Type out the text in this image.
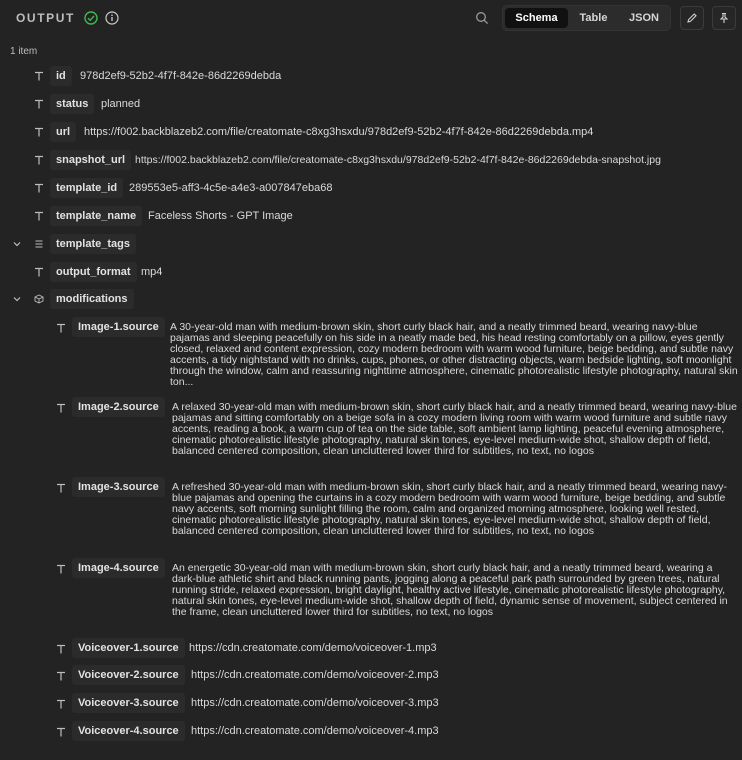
OUTPUT	Schema	Table	JSON
1 item
id	978d2ef9-52b2-4f7f-842e-86d2269debda
status	planned
url	https://f002.backblazeb2.com/file/creatomate-c8xg3hsxdu/978d2ef9-52b2-4f7f-842e-86d2269debda.mp4
snapshot_url https://f002.backblazeb2.com/file/creatomate-c8xg3hsxdu/978d2ef9-52b2-4f7f-842e-86d2269debda-snapshot.jpg
template_id	289553e5-aff3-4c5e-a4e3-a007847eba68
template_name	Faceless Shorts - GPT Image
template_tags
output_format mp4
modifications
Image-1.source	A 30-year-old man with medium-brown skin, short curly black hair, and a neatly trimmed beard, wearing navy-blue pajamas and sleeping peacefully on his side in a neatly made bed, his head resting comfortably on a pillow, eyes gently closed, relaxed and content expression, cozy modern bedroom with warm wood furniture, beige bedding, and subtle navy accents, a tidy nightstand with no drinks, cups, phones, or other distracting objects, warm bedside lighting, soft moonlight through the window, calm and reassuring nighttime atmosphere, cinematic photorealistic lifestyle photography, natural skin ton...
Image-2.source	A relaxed 30-year-old man with medium-brown skin, short curly black hair, and a neatly trimmed beard, wearing navy-blue pajamas and sitting comfortably on a beige sofa in a cozy modern living room with warm wood furniture and subtle navy accents, reading a book, a warm cup of tea on the side table, soft ambient lamp lighting, peaceful evening atmosphere, cinematic photorealistic lifestyle photography, natural skin tones, eye-level medium-wide shot, shallow depth of field, balanced centered composition, clean uncluttered lower third for subtitles, no text, no logos
Image-3.source	A refreshed 30-year-old man with medium-brown skin, short curly black hair, and a neatly trimmed beard, wearing navy-blue pajamas and opening the curtains in a cozy modern bedroom with warm wood furniture, beige bedding, and subtle navy accents, soft morning sunlight filling the room, calm and organized morning atmosphere, looking well rested, cinematic photorealistic lifestyle photography, natural skin tones, eye-level medium-wide shot, shallow depth of field, balanced centered composition, clean uncluttered lower third for subtitles, no text, no logos
Image-4.source	An energetic 30-year-old man with medium-brown skin, short curly black hair, and a neatly trimmed beard, wearing a dark-blue athletic shirt and black running pants, jogging along a peaceful park path surrounded by green trees, natural running stride, relaxed expression, bright daylight, healthy active lifestyle, cinematic photorealistic lifestyle photography, natural skin tones, eye-level medium-wide shot, shallow depth of field, dynamic sense of movement, subject centered in the frame, clean uncluttered lower third for subtitles, no text, no logos
Voiceover-1.source https://cdn.creatomate.com/demo/voiceover-1.mp3
Voiceover-2.source	https://cdn.creatomate.com/demo/voiceover-2.mp3
Voiceover-3.source	https://cdn.creatomate.com/demo/voiceover-3.mp3
Voiceover-4.source	https://cdn.creatomate.com/demo/voiceover-4.mp3
